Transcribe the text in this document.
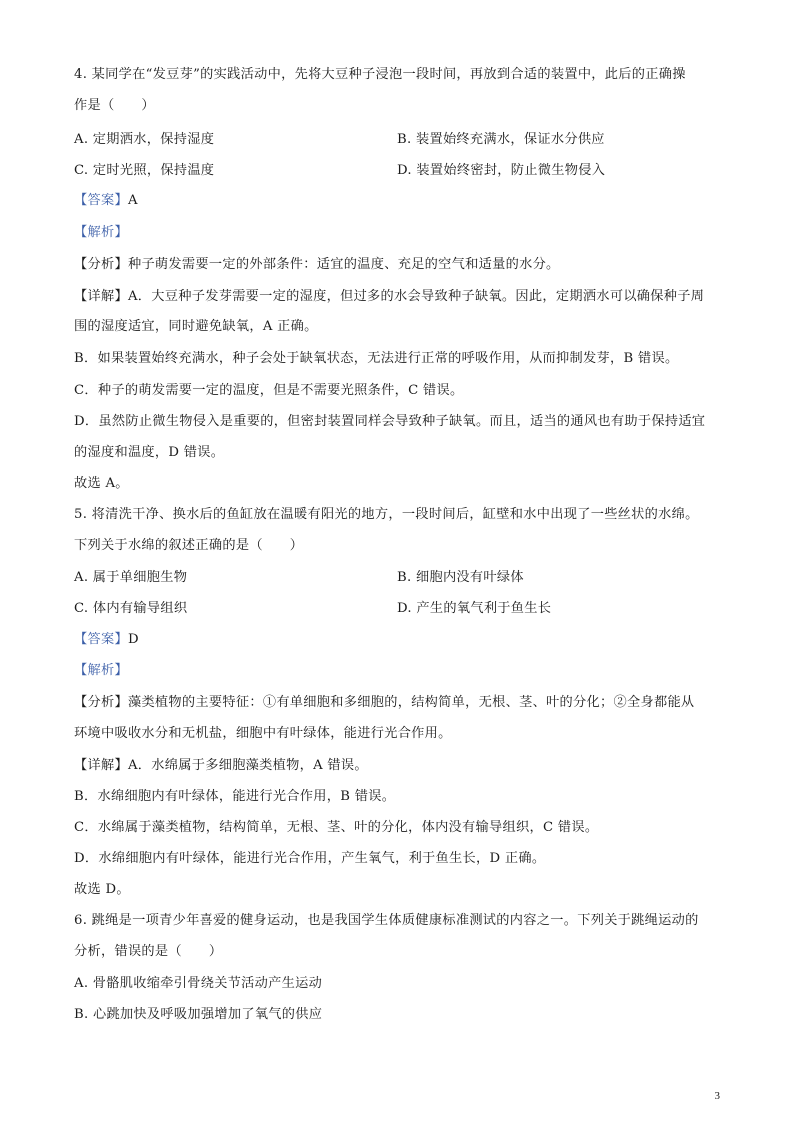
4. 某同学在“发豆芽”的实践活动中，先将大豆种子浸泡一段时间，再放到合适的装置中，此后的正确操
作是（　　）
A. 定期洒水，保持湿度	B. 装置始终充满水，保证水分供应
C. 定时光照，保持温度	D. 装置始终密封，防止微生物侵入
【答案】A
【解析】
【分析】种子萌发需要一定的外部条件：适宜的温度、充足的空气和适量的水分。
【详解】A．大豆种子发芽需要一定的湿度，但过多的水会导致种子缺氧。因此，定期洒水可以确保种子周
围的湿度适宜，同时避免缺氧，A 正确。
B．如果装置始终充满水，种子会处于缺氧状态，无法进行正常的呼吸作用，从而抑制发芽，B 错误。
C．种子的萌发需要一定的温度，但是不需要光照条件，C 错误。
D．虽然防止微生物侵入是重要的，但密封装置同样会导致种子缺氧。而且，适当的通风也有助于保持适宜
的湿度和温度，D 错误。
故选 A。
5. 将清洗干净、换水后的鱼缸放在温暖有阳光的地方，一段时间后，缸壁和水中出现了一些丝状的水绵。
下列关于水绵的叙述正确的是（　　）
A. 属于单细胞生物	B. 细胞内没有叶绿体
C. 体内有输导组织	D. 产生的氧气利于鱼生长
【答案】D
【解析】
【分析】藻类植物的主要特征：①有单细胞和多细胞的，结构简单，无根、茎、叶的分化；②全身都能从
环境中吸收水分和无机盐，细胞中有叶绿体，能进行光合作用。
【详解】A．水绵属于多细胞藻类植物，A 错误。
B．水绵细胞内有叶绿体，能进行光合作用，B 错误。
C．水绵属于藻类植物，结构简单，无根、茎、叶的分化，体内没有输导组织，C 错误。
D．水绵细胞内有叶绿体，能进行光合作用，产生氧气，利于鱼生长，D 正确。
故选 D。
6. 跳绳是一项青少年喜爱的健身运动，也是我国学生体质健康标准测试的内容之一。下列关于跳绳运动的
分析，错误的是（　　）
A. 骨骼肌收缩牵引骨绕关节活动产生运动
B. 心跳加快及呼吸加强增加了氧气的供应
3
